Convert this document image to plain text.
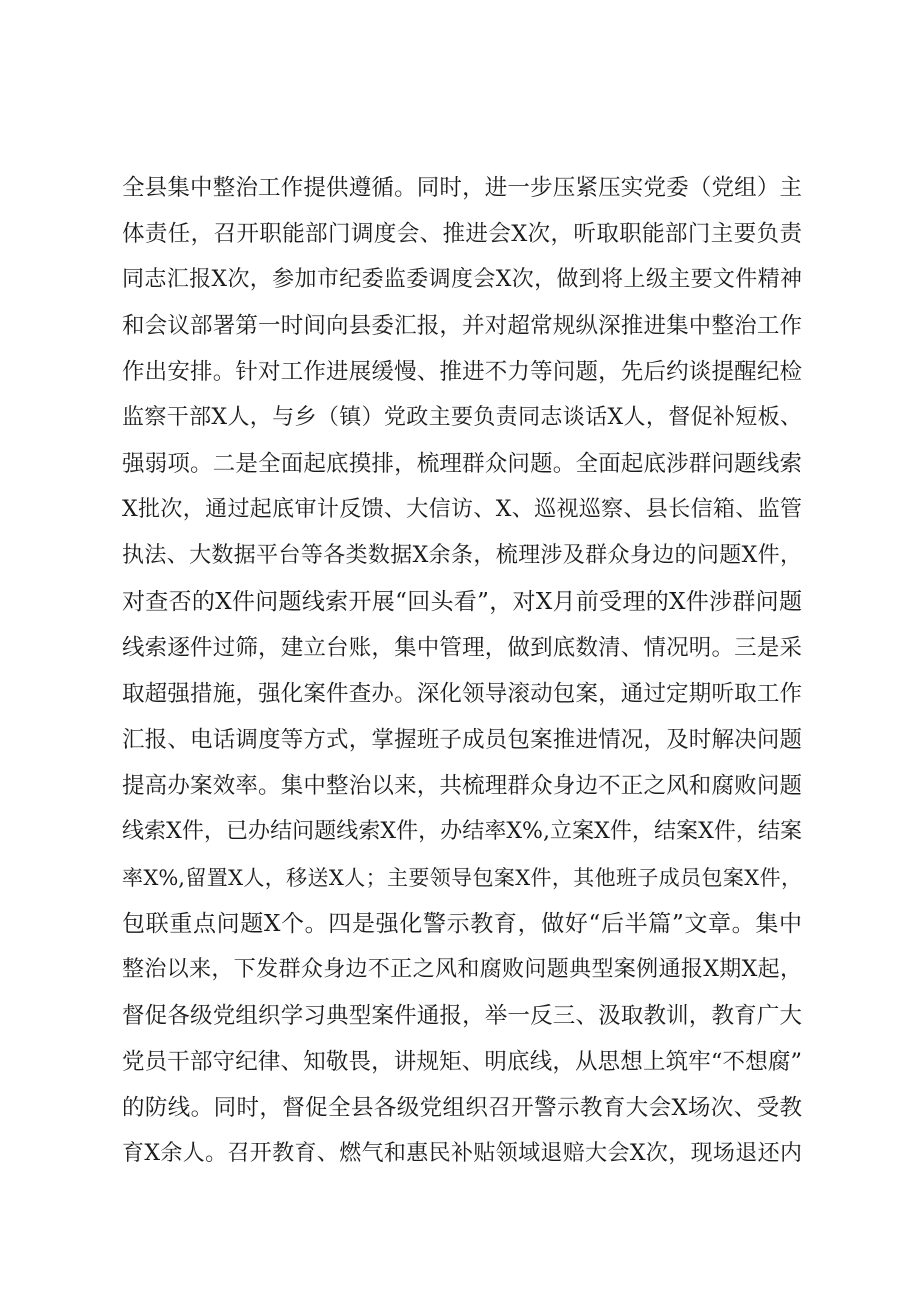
全县集中整治工作提供遵循。同时，进一步压紧压实党委（党组）主
体责任，召开职能部门调度会、推进会X次，听取职能部门主要负责
同志汇报X次，参加市纪委监委调度会X次，做到将上级主要文件精神
和会议部署第一时间向县委汇报，并对超常规纵深推进集中整治工作
作出安排。针对工作进展缓慢、推进不力等问题，先后约谈提醒纪检
监察干部X人，与乡（镇）党政主要负责同志谈话X人，督促补短板、
强弱项。二是全面起底摸排，梳理群众问题。全面起底涉群问题线索
X批次，通过起底审计反馈、大信访、X、巡视巡察、县长信箱、监管
执法、大数据平台等各类数据X余条，梳理涉及群众身边的问题X件，
对查否的X件问题线索开展“回头看”，对X月前受理的X件涉群问题
线索逐件过筛，建立台账，集中管理，做到底数清、情况明。三是采
取超强措施，强化案件查办。深化领导滚动包案，通过定期听取工作
汇报、电话调度等方式，掌握班子成员包案推进情况，及时解决问题
提高办案效率。集中整治以来，共梳理群众身边不正之风和腐败问题
线索X件，已办结问题线索X件，办结率X%,立案X件，结案X件，结案
率X%,留置X人，移送X人；主要领导包案X件，其他班子成员包案X件，
包联重点问题X个。四是强化警示教育，做好“后半篇”文章。集中
整治以来，下发群众身边不正之风和腐败问题典型案例通报X期X起，
督促各级党组织学习典型案件通报，举一反三、汲取教训，教育广大
党员干部守纪律、知敬畏，讲规矩、明底线，从思想上筑牢“不想腐”
的防线。同时，督促全县各级党组织召开警示教育大会X场次、受教
育X余人。召开教育、燃气和惠民补贴领域退赔大会X次，现场退还内
